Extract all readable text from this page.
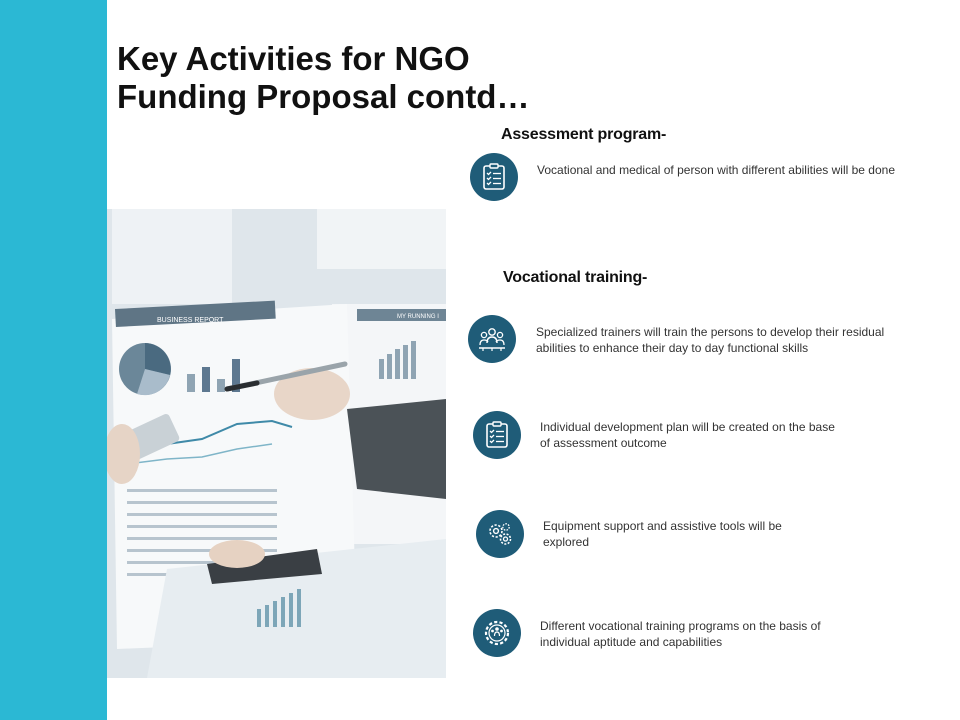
Key Activities for NGO Funding Proposal contd…
BUSINESS REPORT	MY RUNNING I
Assessment program-
Vocational and medical of person with different abilities will be done
Vocational training-
Specialized trainers will train the persons to develop their residual abilities to enhance their day to day functional skills
Individual development plan will be created on the base of assessment outcome
Equipment support and assistive tools will be explored
Different vocational training programs on the basis of individual aptitude and capabilities
